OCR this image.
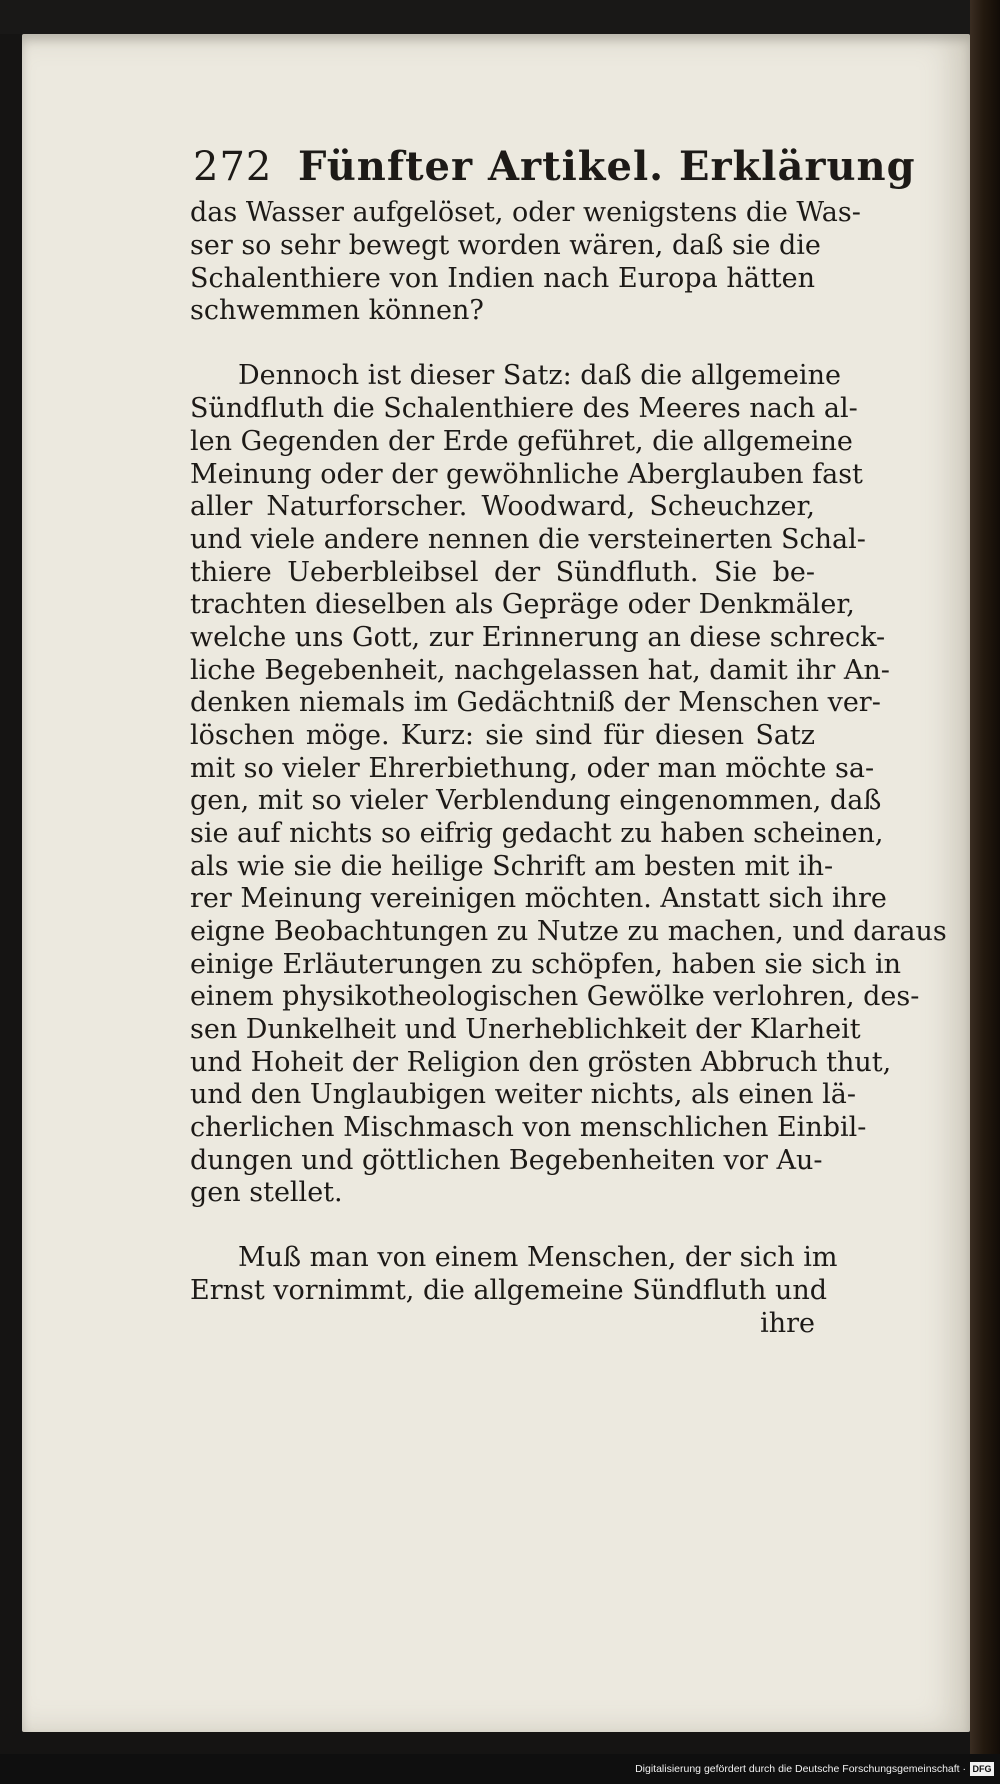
272 Fünfter Artikel. Erklärung
das Wasser aufgelöset, oder wenigstens die Was-
ser so sehr bewegt worden wären, daß sie die
Schalenthiere von Indien nach Europa hätten
schwemmen können?
Dennoch ist dieser Satz: daß die allgemeine
Sündfluth die Schalenthiere des Meeres nach al-
len Gegenden der Erde geführet, die allgemeine
Meinung oder der gewöhnliche Aberglauben fast
aller Naturforscher. Woodward, Scheuchzer,
und viele andere nennen die versteinerten Schal-
thiere Ueberbleibsel der Sündfluth. Sie be-
trachten dieselben als Gepräge oder Denkmäler,
welche uns Gott, zur Erinnerung an diese schreck-
liche Begebenheit, nachgelassen hat, damit ihr An-
denken niemals im Gedächtniß der Menschen ver-
löschen möge. Kurz: sie sind für diesen Satz
mit so vieler Ehrerbiethung, oder man möchte sa-
gen, mit so vieler Verblendung eingenommen, daß
sie auf nichts so eifrig gedacht zu haben scheinen,
als wie sie die heilige Schrift am besten mit ih-
rer Meinung vereinigen möchten. Anstatt sich ihre
eigne Beobachtungen zu Nutze zu machen, und daraus
einige Erläuterungen zu schöpfen, haben sie sich in
einem physikotheologischen Gewölke verlohren, des-
sen Dunkelheit und Unerheblichkeit der Klarheit
und Hoheit der Religion den grösten Abbruch thut,
und den Unglaubigen weiter nichts, als einen lä-
cherlichen Mischmasch von menschlichen Einbil-
dungen und göttlichen Begebenheiten vor Au-
gen stellet.
Muß man von einem Menschen, der sich im
Ernst vornimmt, die allgemeine Sündfluth und
ihre
Digitalisierung gefördert durch die Deutsche Forschungsgemeinschaft · DFG
